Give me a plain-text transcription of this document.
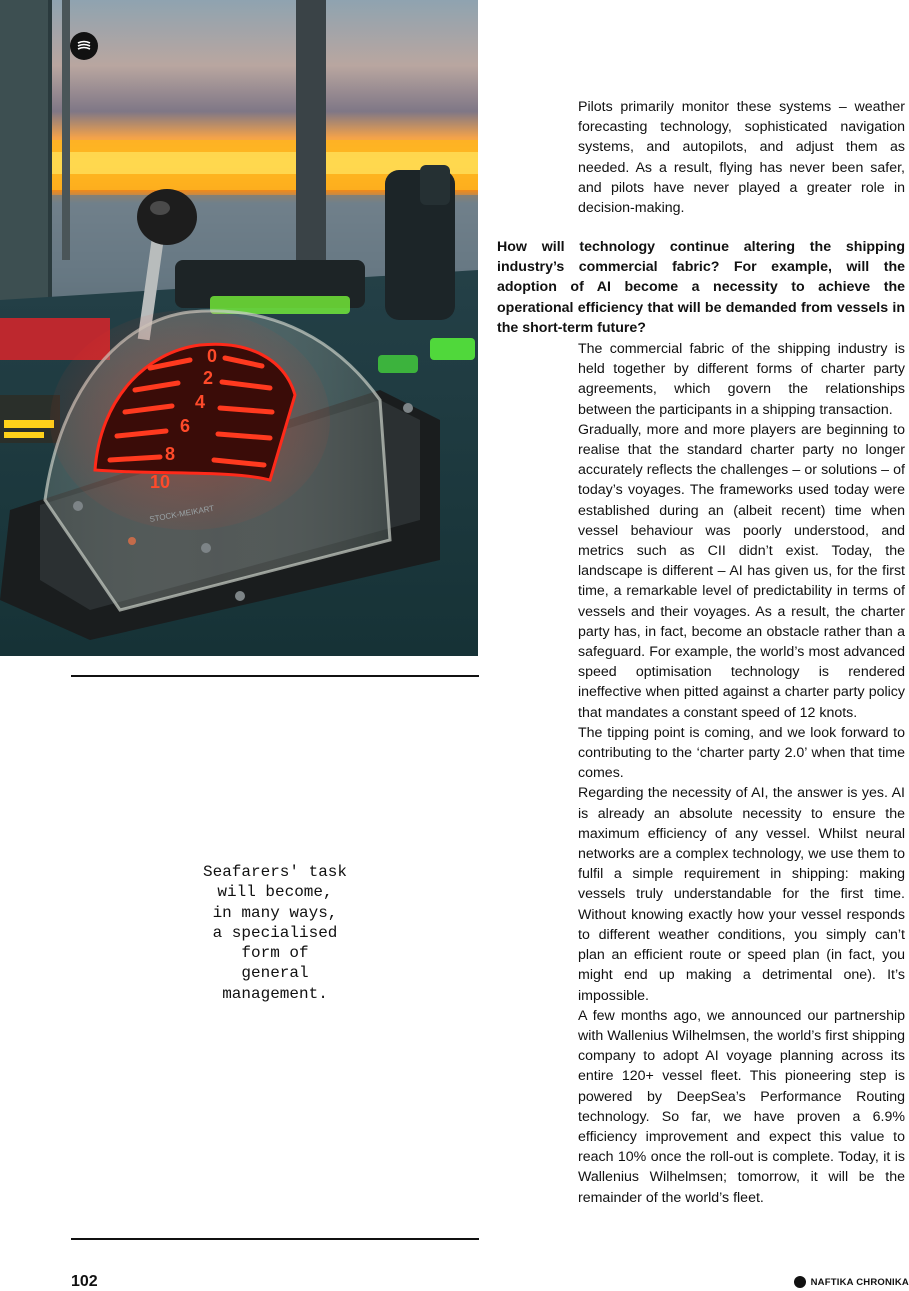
0
2
4
6
8
10
STOCK-MEIKART
Seafarers' task
will become,
in many ways,
a specialised
form of
general
management.

Pilots primarily monitor these systems – weather forecasting technology, sophisticated navigation systems, and autopilots, and adjust them as needed. As a result, flying has never been safer, and pilots have never played a greater role in decision-making.

How will technology continue altering the shipping industry’s commercial fabric? For example, will the adoption of AI become a necessity to achieve the operational efficiency that will be demanded from vessels in the short-term future?

The commercial fabric of the shipping industry is held together by different forms of charter party agreements, which govern the relationships between the participants in a shipping transaction.

Gradually, more and more players are beginning to realise that the standard charter party no longer accurately reflects the challenges – or solutions – of today’s voyages. The frameworks used today were established during an (albeit recent) time when vessel behaviour was poorly understood, and metrics such as CII didn’t exist. Today, the landscape is different – AI has given us, for the first time, a remarkable level of predictability in terms of vessels and their voyages. As a result, the charter party has, in fact, become an obstacle rather than a safeguard. For example, the world’s most advanced speed optimisation technology is rendered ineffective when pitted against a charter party policy that mandates a constant speed of 12 knots.

The tipping point is coming, and we look forward to contributing to the ‘charter party 2.0’ when that time comes.

Regarding the necessity of AI, the answer is yes. AI is already an absolute necessity to ensure the maximum efficiency of any vessel. Whilst neural networks are a complex technology, we use them to fulfil a simple requirement in shipping: making vessels truly understandable for the first time. Without knowing exactly how your vessel responds to different weather conditions, you simply can’t plan an efficient route or speed plan (in fact, you might end up making a detrimental one). It’s impossible.

A few months ago, we announced our partnership with Wallenius Wilhelmsen, the world’s first shipping company to adopt AI voyage planning across its entire 120+ vessel fleet. This pioneering step is powered by DeepSea’s Performance Routing technology. So far, we have proven a 6.9% efficiency improvement and expect this value to reach 10% once the roll-out is complete. Today, it is Wallenius Wilhelmsen; tomorrow, it will be the remainder of the world’s fleet.

102	NAFTIKA CHRONIKA
